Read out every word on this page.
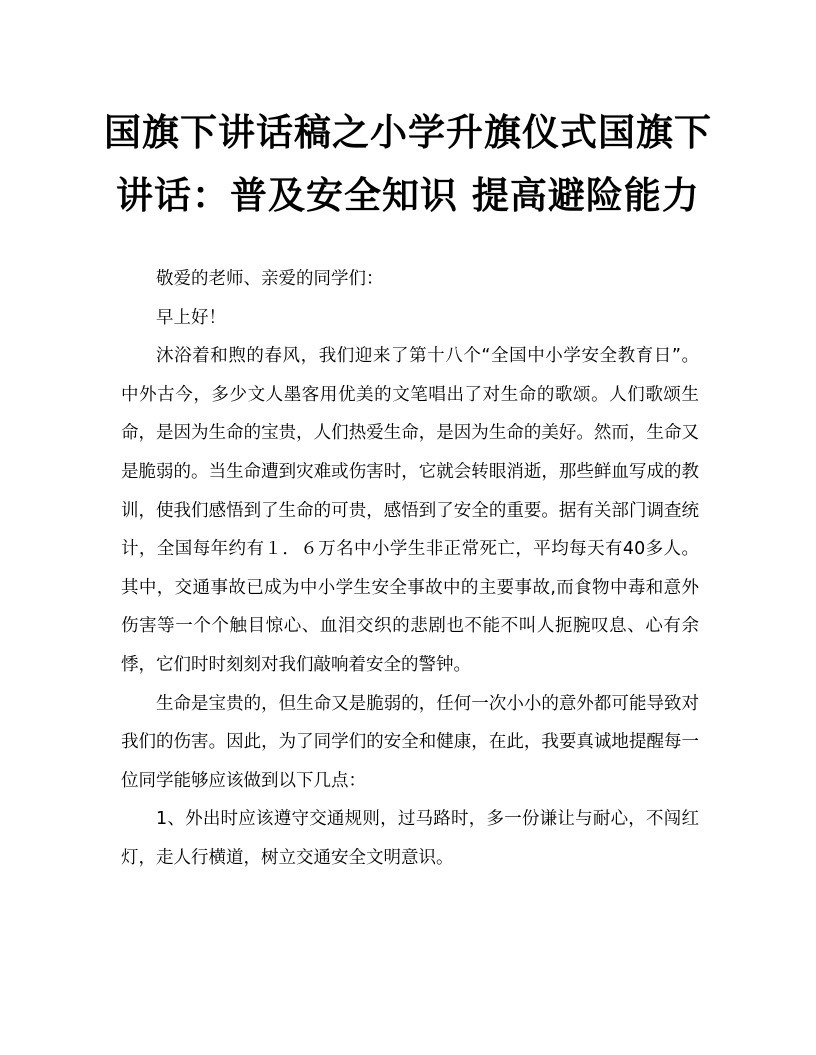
国旗下讲话稿之小学升旗仪式国旗下
讲话：普及安全知识 提高避险能力

敬爱的老师、亲爱的同学们：

早上好！

沐浴着和煦的春风，我们迎来了第十八个“全国中小学安全教育日”。中外古今，多少文人墨客用优美的文笔唱出了对生命的歌颂。人们歌颂生命，是因为生命的宝贵，人们热爱生命，是因为生命的美好。然而，生命又是脆弱的。当生命遭到灾难或伤害时，它就会转眼消逝，那些鲜血写成的教训，使我们感悟到了生命的可贵，感悟到了安全的重要。据有关部门调查统计，全国每年约有１．６万名中小学生非正常死亡，平均每天有40多人。其中，交通事故已成为中小学生安全事故中的主要事故,而食物中毒和意外伤害等一个个触目惊心、血泪交织的悲剧也不能不叫人扼腕叹息、心有余悸，它们时时刻刻对我们敲响着安全的警钟。

生命是宝贵的，但生命又是脆弱的，任何一次小小的意外都可能导致对我们的伤害。因此，为了同学们的安全和健康，在此，我要真诚地提醒每一位同学能够应该做到以下几点：

1、外出时应该遵守交通规则，过马路时，多一份谦让与耐心，不闯红灯，走人行横道，树立交通安全文明意识。
